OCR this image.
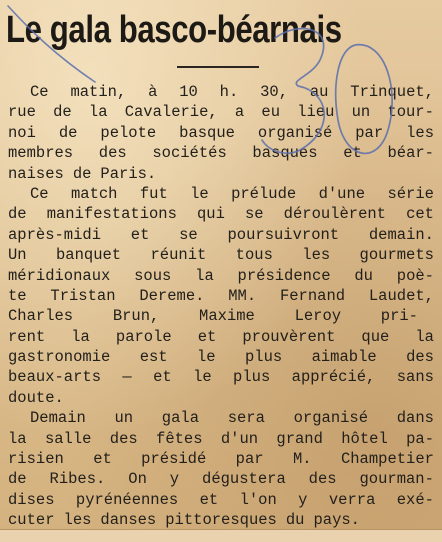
Le gala basco-béarnais
Ce matin, à 10 h. 30, au Trinquet,
rue de la Cavalerie, a eu lieu un tour-
noi de pelote basque organisé par les
membres des sociétés basques et béar-
naises de Paris.
Ce match fut le prélude d'une série
de manifestations qui se déroulèrent cet
après-midi et se poursuivront demain.
Un banquet réunit tous les gourmets
méridionaux sous la présidence du poè-
te Tristan Dereme. MM. Fernand Laudet,
Charles	Brun,	Maxime	Leroy	pri-
rent la parole et prouvèrent que la
gastronomie est le plus aimable des
beaux-arts — et le plus apprécié, sans
doute.
Demain un gala sera organisé dans
la salle des fêtes d'un grand hôtel pa-
risien et présidé par M. Champetier
de Ribes. On y dégustera des gourman-
dises pyrénéennes et l'on y verra exé-
cuter les danses pittoresques du pays.
